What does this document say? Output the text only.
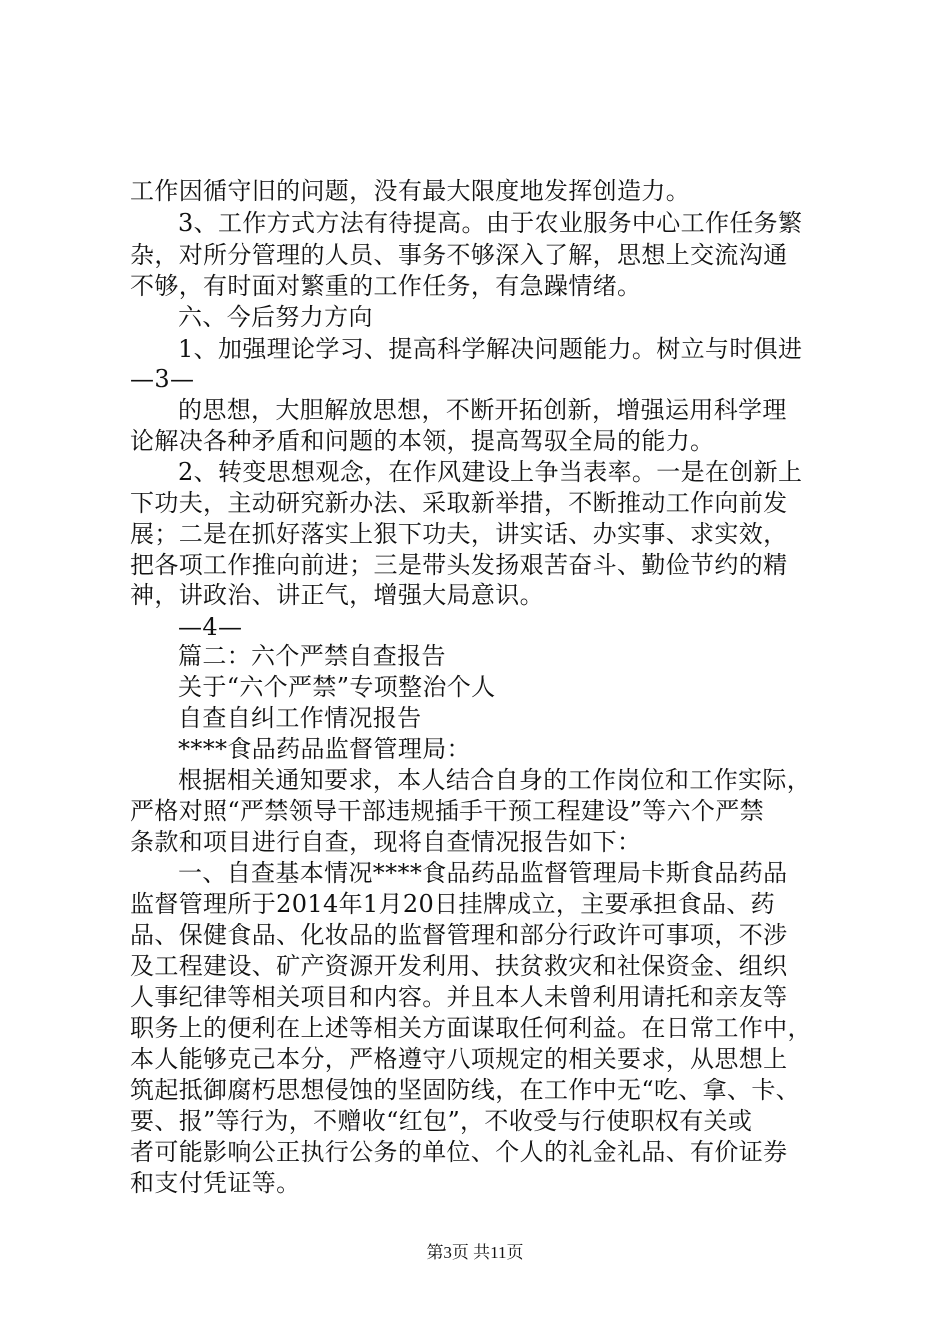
工作因循守旧的问题，没有最大限度地发挥创造力。
3、工作方式方法有待提高。由于农业服务中心工作任务繁
杂，对所分管理的人员、事务不够深入了解，思想上交流沟通
不够，有时面对繁重的工作任务，有急躁情绪。
六、今后努力方向
1、加强理论学习、提高科学解决问题能力。树立与时俱进
—3—
的思想，大胆解放思想，不断开拓创新，增强运用科学理
论解决各种矛盾和问题的本领，提高驾驭全局的能力。
2、转变思想观念，在作风建设上争当表率。一是在创新上
下功夫，主动研究新办法、采取新举措，不断推动工作向前发
展；二是在抓好落实上狠下功夫，讲实话、办实事、求实效，
把各项工作推向前进；三是带头发扬艰苦奋斗、勤俭节约的精
神，讲政治、讲正气，增强大局意识。
—4—
篇二：六个严禁自查报告
关于“六个严禁”专项整治个人
自查自纠工作情况报告
****食品药品监督管理局：
根据相关通知要求，本人结合自身的工作岗位和工作实际，
严格对照“严禁领导干部违规插手干预工程建设”等六个严禁
条款和项目进行自查，现将自查情况报告如下：
一、自查基本情况****食品药品监督管理局卡斯食品药品
监督管理所于2014年1月20日挂牌成立，主要承担食品、药
品、保健食品、化妆品的监督管理和部分行政许可事项，不涉
及工程建设、矿产资源开发利用、扶贫救灾和社保资金、组织
人事纪律等相关项目和内容。并且本人未曾利用请托和亲友等
职务上的便利在上述等相关方面谋取任何利益。在日常工作中，
本人能够克己本分，严格遵守八项规定的相关要求，从思想上
筑起抵御腐朽思想侵蚀的坚固防线，在工作中无“吃、拿、卡、
要、报”等行为，不赠收“红包”，不收受与行使职权有关或
者可能影响公正执行公务的单位、个人的礼金礼品、有价证券
和支付凭证等。
第3页 共11页
